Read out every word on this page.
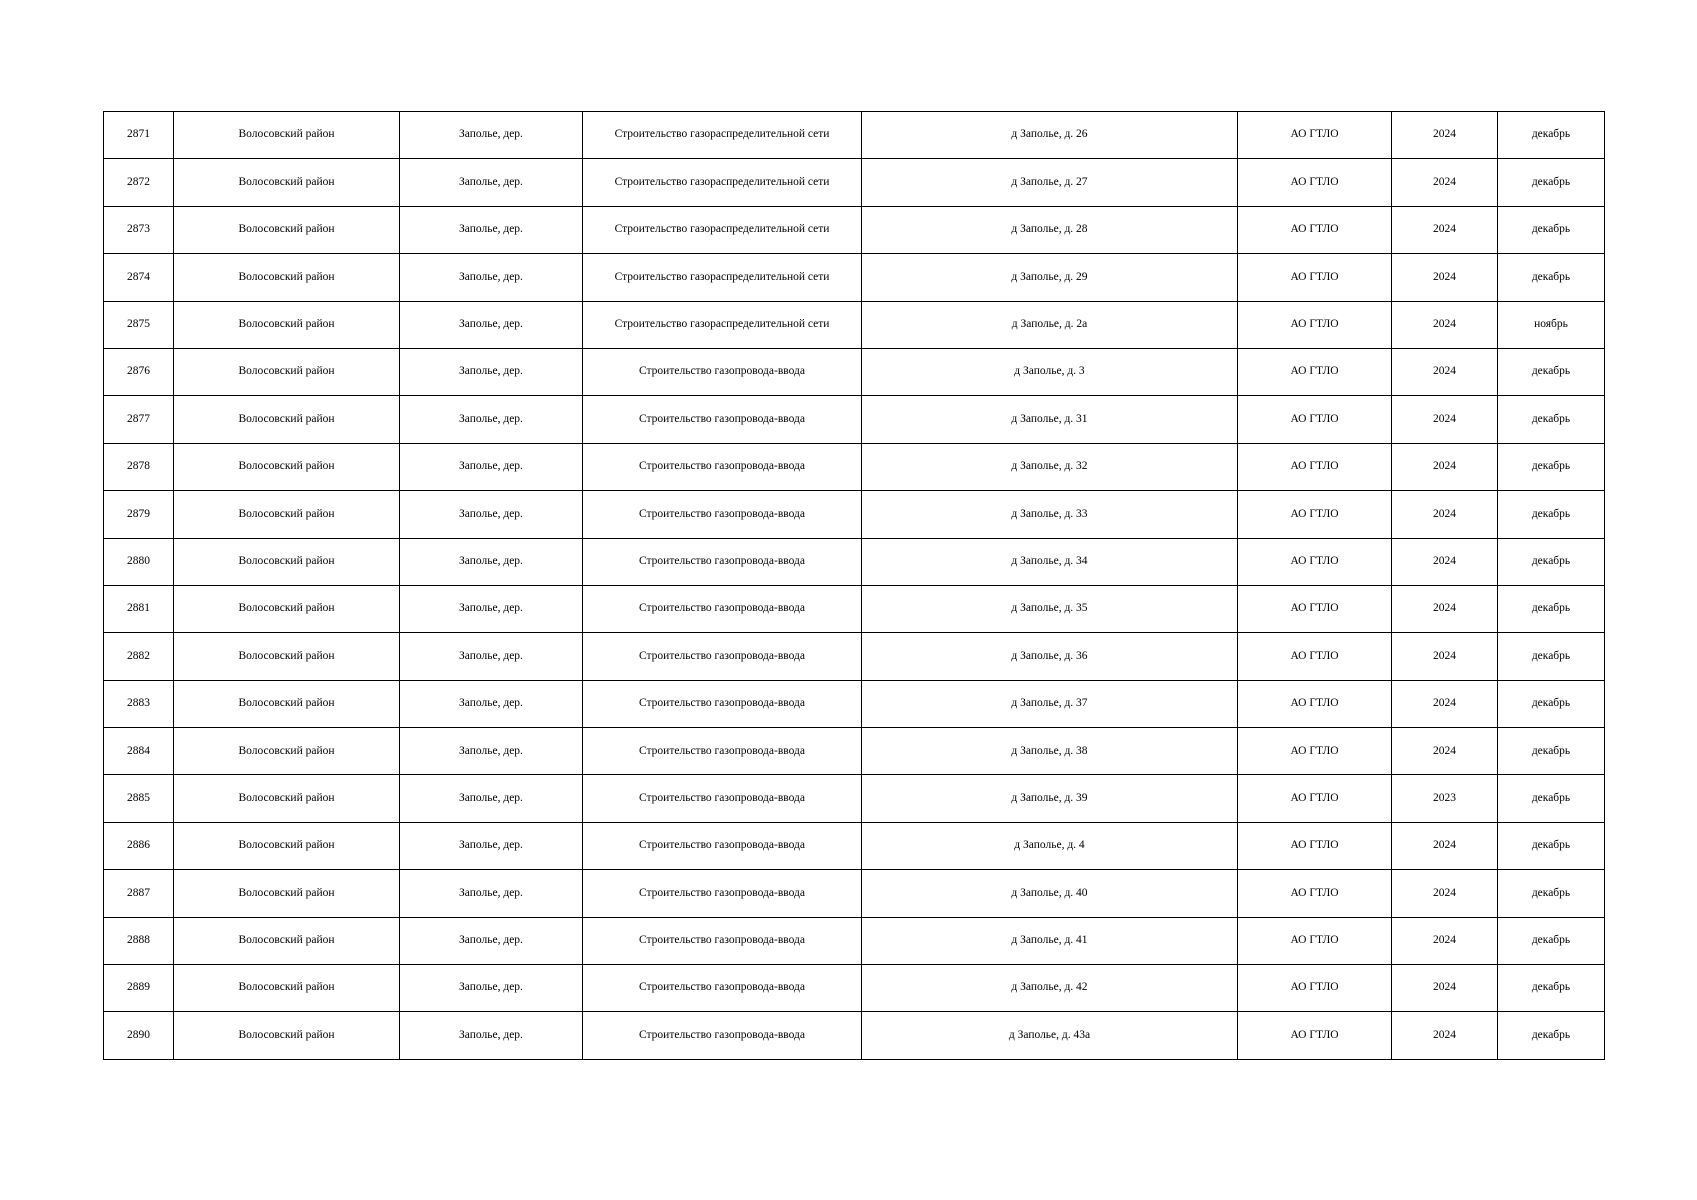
2871	Волосовский район	Заполье, дер.	Строительство газораспределительной сети	д Заполье, д. 26	АО ГТЛО	2024	декабрь
2872	Волосовский район	Заполье, дер.	Строительство газораспределительной сети	д Заполье, д. 27	АО ГТЛО	2024	декабрь
2873	Волосовский район	Заполье, дер.	Строительство газораспределительной сети	д Заполье, д. 28	АО ГТЛО	2024	декабрь
2874	Волосовский район	Заполье, дер.	Строительство газораспределительной сети	д Заполье, д. 29	АО ГТЛО	2024	декабрь
2875	Волосовский район	Заполье, дер.	Строительство газораспределительной сети	д Заполье, д. 2а	АО ГТЛО	2024	ноябрь
2876	Волосовский район	Заполье, дер.	Строительство газопровода-ввода	д Заполье, д. 3	АО ГТЛО	2024	декабрь
2877	Волосовский район	Заполье, дер.	Строительство газопровода-ввода	д Заполье, д. 31	АО ГТЛО	2024	декабрь
2878	Волосовский район	Заполье, дер.	Строительство газопровода-ввода	д Заполье, д. 32	АО ГТЛО	2024	декабрь
2879	Волосовский район	Заполье, дер.	Строительство газопровода-ввода	д Заполье, д. 33	АО ГТЛО	2024	декабрь
2880	Волосовский район	Заполье, дер.	Строительство газопровода-ввода	д Заполье, д. 34	АО ГТЛО	2024	декабрь
2881	Волосовский район	Заполье, дер.	Строительство газопровода-ввода	д Заполье, д. 35	АО ГТЛО	2024	декабрь
2882	Волосовский район	Заполье, дер.	Строительство газопровода-ввода	д Заполье, д. 36	АО ГТЛО	2024	декабрь
2883	Волосовский район	Заполье, дер.	Строительство газопровода-ввода	д Заполье, д. 37	АО ГТЛО	2024	декабрь
2884	Волосовский район	Заполье, дер.	Строительство газопровода-ввода	д Заполье, д. 38	АО ГТЛО	2024	декабрь
2885	Волосовский район	Заполье, дер.	Строительство газопровода-ввода	д Заполье, д. 39	АО ГТЛО	2023	декабрь
2886	Волосовский район	Заполье, дер.	Строительство газопровода-ввода	д Заполье, д. 4	АО ГТЛО	2024	декабрь
2887	Волосовский район	Заполье, дер.	Строительство газопровода-ввода	д Заполье, д. 40	АО ГТЛО	2024	декабрь
2888	Волосовский район	Заполье, дер.	Строительство газопровода-ввода	д Заполье, д. 41	АО ГТЛО	2024	декабрь
2889	Волосовский район	Заполье, дер.	Строительство газопровода-ввода	д Заполье, д. 42	АО ГТЛО	2024	декабрь
2890	Волосовский район	Заполье, дер.	Строительство газопровода-ввода	д Заполье, д. 43а	АО ГТЛО	2024	декабрь
